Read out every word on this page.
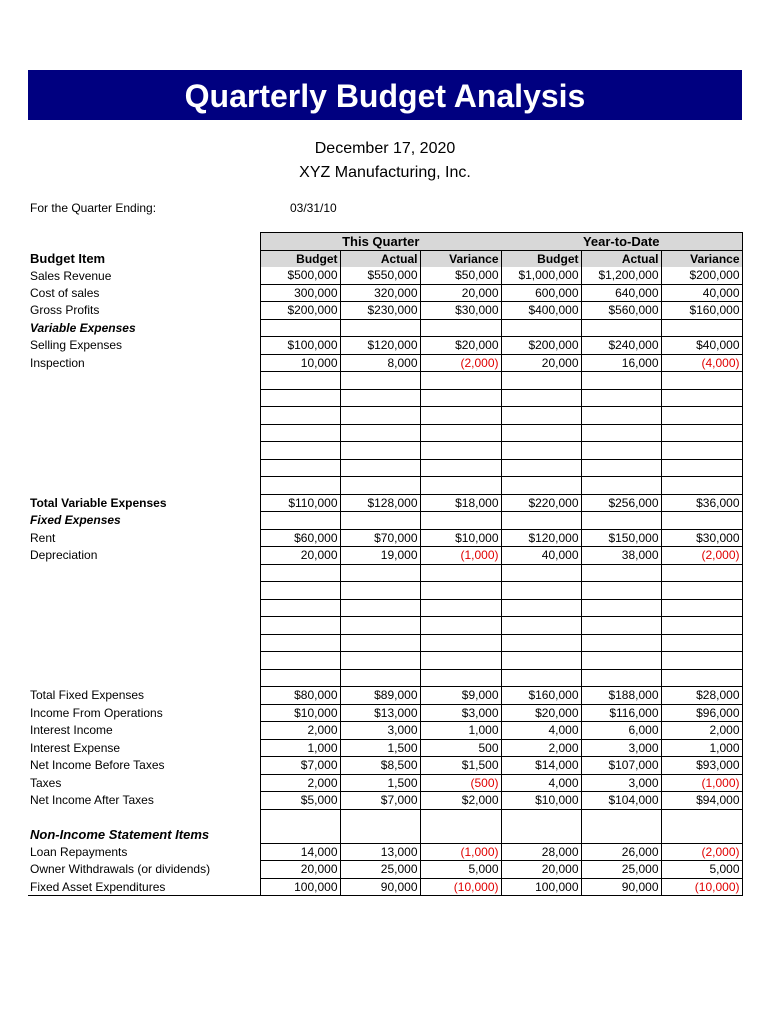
Quarterly Budget Analysis
December 17, 2020
XYZ Manufacturing, Inc.
For the Quarter Ending:	03/31/10
	This Quarter			Year-to-Date		
Budget Item	Budget	Actual	Variance	Budget	Actual	Variance
Sales Revenue	$500,000	$550,000	$50,000	$1,000,000	$1,200,000	$200,000
Cost of sales	300,000	320,000	20,000	600,000	640,000	40,000
Gross Profits	$200,000	$230,000	$30,000	$400,000	$560,000	$160,000
Variable Expenses						
Selling Expenses	$100,000	$120,000	$20,000	$200,000	$240,000	$40,000
Inspection	10,000	8,000	(2,000)	20,000	16,000	(4,000)

Total Variable Expenses	$110,000	$128,000	$18,000	$220,000	$256,000	$36,000
Fixed Expenses						
Rent	$60,000	$70,000	$10,000	$120,000	$150,000	$30,000
Depreciation	20,000	19,000	(1,000)	40,000	38,000	(2,000)

Total Fixed Expenses	$80,000	$89,000	$9,000	$160,000	$188,000	$28,000
Income From Operations	$10,000	$13,000	$3,000	$20,000	$116,000	$96,000
Interest Income	2,000	3,000	1,000	4,000	6,000	2,000
Interest Expense	1,000	1,500	500	2,000	3,000	1,000
Net Income Before Taxes	$7,000	$8,500	$1,500	$14,000	$107,000	$93,000
Taxes	2,000	1,500	(500)	4,000	3,000	(1,000)
Net Income After Taxes	$5,000	$7,000	$2,000	$10,000	$104,000	$94,000

Non-Income Statement Items						
Loan Repayments	14,000	13,000	(1,000)	28,000	26,000	(2,000)
Owner Withdrawals (or dividends)	20,000	25,000	5,000	20,000	25,000	5,000
Fixed Asset Expenditures	100,000	90,000	(10,000)	100,000	90,000	(10,000)
